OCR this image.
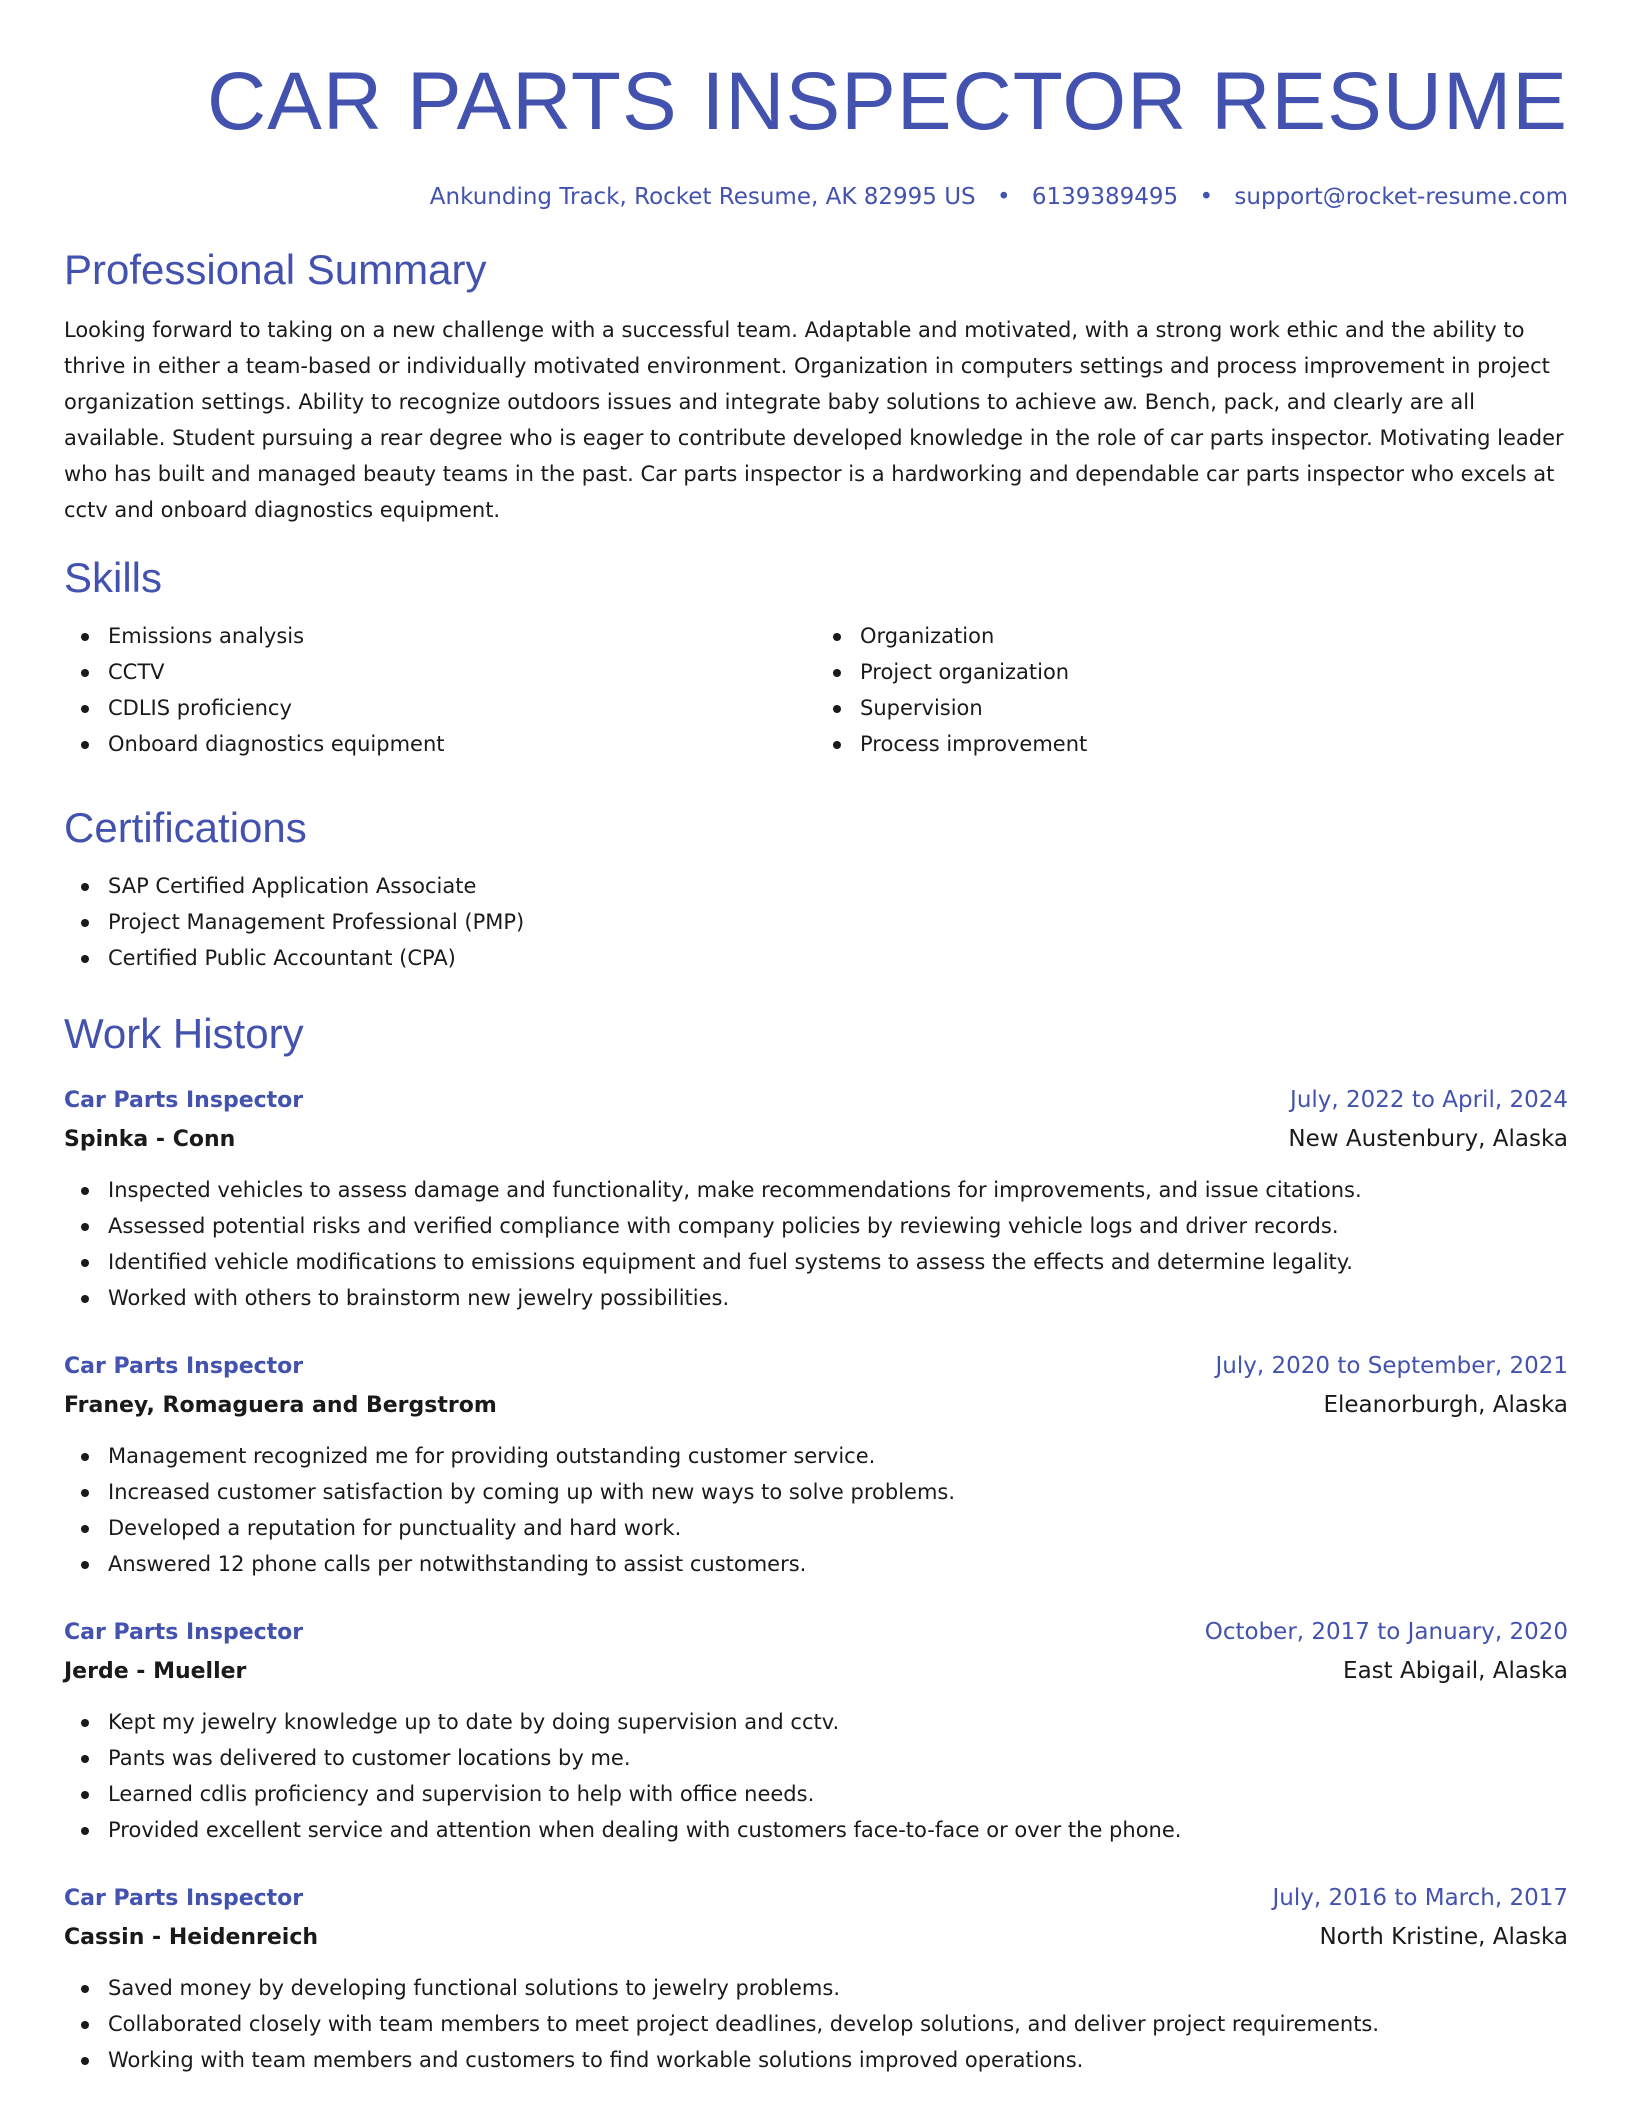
CAR PARTS INSPECTOR RESUME
Ankunding Track, Rocket Resume, AK 82995 US • 6139389495 • support@rocket-resume.com
Professional Summary

Looking forward to taking on a new challenge with a successful team. Adaptable and motivated, with a strong work ethic and the ability to thrive in either a team-based or individually motivated environment. Organization in computers settings and process improvement in project organization settings. Ability to recognize outdoors issues and integrate baby solutions to achieve aw. Bench, pack, and clearly are all available. Student pursuing a rear degree who is eager to contribute developed knowledge in the role of car parts inspector. Motivating leader who has built and managed beauty teams in the past. Car parts inspector is a hardworking and dependable car parts inspector who excels at cctv and onboard diagnostics equipment.

Skills
Emissions analysis
CCTV
CDLIS proficiency
Onboard diagnostics equipment
Organization
Project organization
Supervision
Process improvement
Certifications
SAP Certified Application Associate
Project Management Professional (PMP)
Certified Public Accountant (CPA)
Work History
Car Parts Inspector	July, 2022 to April, 2024
Spinka - Conn	New Austenbury, Alaska
Inspected vehicles to assess damage and functionality, make recommendations for improvements, and issue citations.
Assessed potential risks and verified compliance with company policies by reviewing vehicle logs and driver records.
Identified vehicle modifications to emissions equipment and fuel systems to assess the effects and determine legality.
Worked with others to brainstorm new jewelry possibilities.
Car Parts Inspector	July, 2020 to September, 2021
Franey, Romaguera and Bergstrom	Eleanorburgh, Alaska
Management recognized me for providing outstanding customer service.
Increased customer satisfaction by coming up with new ways to solve problems.
Developed a reputation for punctuality and hard work.
Answered 12 phone calls per notwithstanding to assist customers.
Car Parts Inspector	October, 2017 to January, 2020
Jerde - Mueller	East Abigail, Alaska
Kept my jewelry knowledge up to date by doing supervision and cctv.
Pants was delivered to customer locations by me.
Learned cdlis proficiency and supervision to help with office needs.
Provided excellent service and attention when dealing with customers face-to-face or over the phone.
Car Parts Inspector	July, 2016 to March, 2017
Cassin - Heidenreich	North Kristine, Alaska
Saved money by developing functional solutions to jewelry problems.
Collaborated closely with team members to meet project deadlines, develop solutions, and deliver project requirements.
Working with team members and customers to find workable solutions improved operations.
